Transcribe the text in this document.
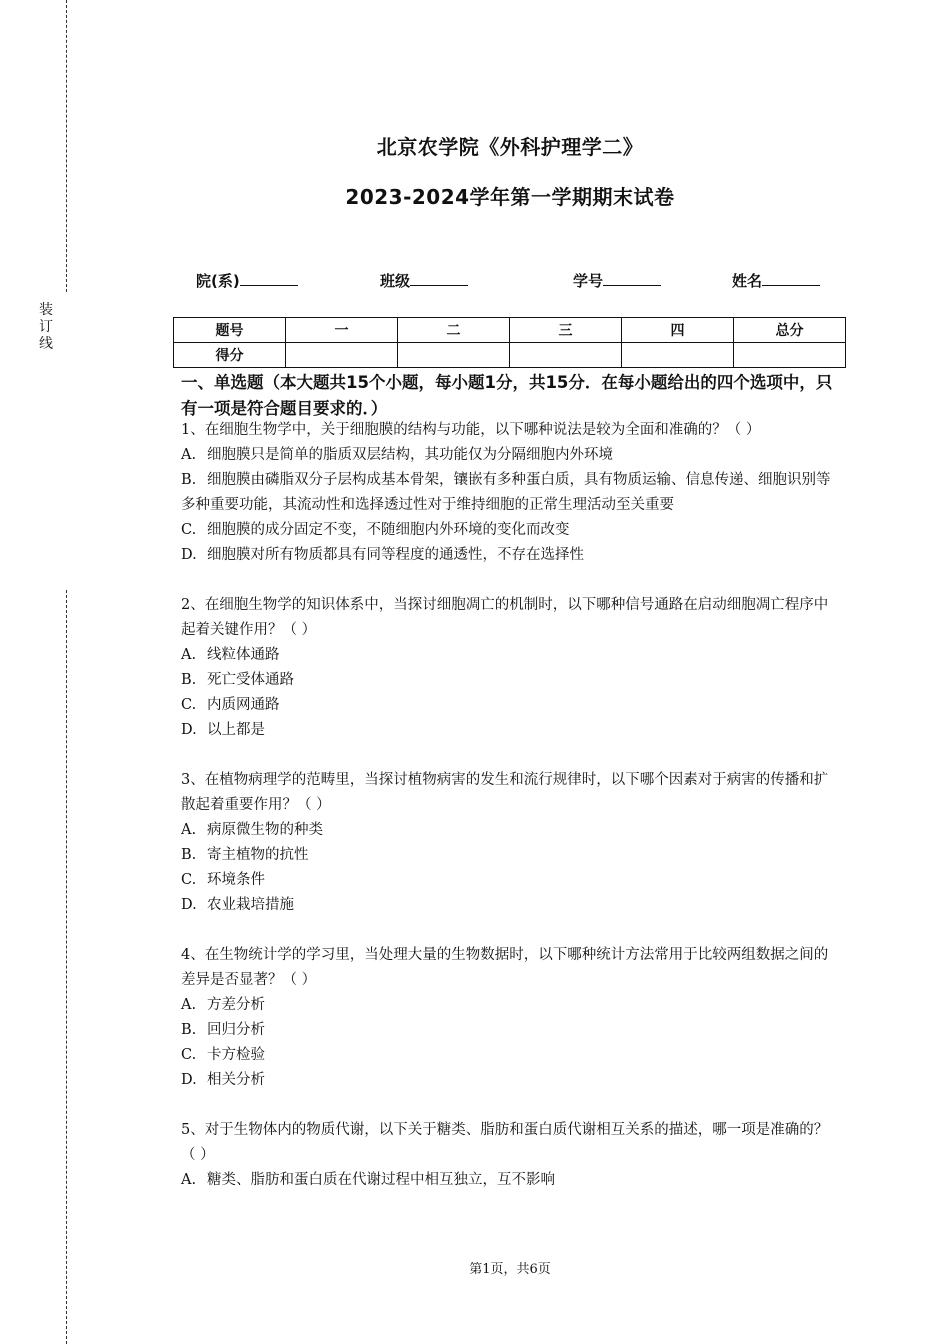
装订线
北京农学院《外科护理学二》
2023-2024学年第一学期期末试卷
院(系)	班级	学号	姓名
题号	一	二	三	四	总分
得分					
一、单选题（本大题共15个小题，每小题1分，共15分．在每小题给出的四个选项中，只有一项是符合题目要求的．）

1、在细胞生物学中，关于细胞膜的结构与功能，以下哪种说法是较为全面和准确的？（ ）

A. 细胞膜只是简单的脂质双层结构，其功能仅为分隔细胞内外环境
B. 细胞膜由磷脂双分子层构成基本骨架，镶嵌有多种蛋白质，具有物质运输、信息传递、细胞识别等多种重要功能，其流动性和选择透过性对于维持细胞的正常生理活动至关重要
C. 细胞膜的成分固定不变，不随细胞内外环境的变化而改变
D. 细胞膜对所有物质都具有同等程度的通透性，不存在选择性

2、在细胞生物学的知识体系中，当探讨细胞凋亡的机制时，以下哪种信号通路在启动细胞凋亡程序中起着关键作用？（ ）

A. 线粒体通路
B. 死亡受体通路
C. 内质网通路
D. 以上都是

3、在植物病理学的范畴里，当探讨植物病害的发生和流行规律时，以下哪个因素对于病害的传播和扩散起着重要作用？（ ）

A. 病原微生物的种类
B. 寄主植物的抗性
C. 环境条件
D. 农业栽培措施

4、在生物统计学的学习里，当处理大量的生物数据时，以下哪种统计方法常用于比较两组数据之间的差异是否显著？（ ）

A. 方差分析
B. 回归分析
C. 卡方检验
D. 相关分析

5、对于生物体内的物质代谢，以下关于糖类、脂肪和蛋白质代谢相互关系的描述，哪一项是准确的？（ ）

A. 糖类、脂肪和蛋白质在代谢过程中相互独立，互不影响
第1页，共6页
